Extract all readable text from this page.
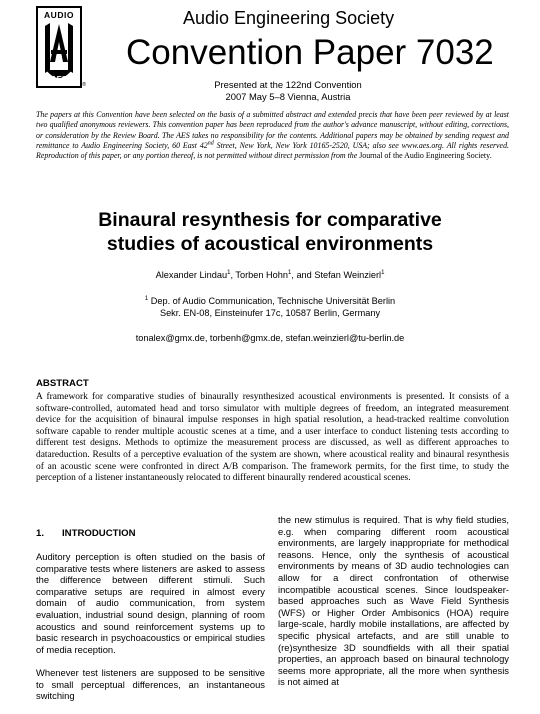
AUDIO
AES
®
Audio Engineering Society
Convention Paper 7032
Presented at the 122nd Convention
2007 May 5–8 Vienna, Austria
The papers at this Convention have been selected on the basis of a submitted abstract and extended precis that have been peer reviewed by at least two qualified anonymous reviewers. This convention paper has been reproduced from the author's advance manuscript, without editing, corrections, or consideration by the Review Board. The AES takes no responsibility for the contents. Additional papers may be obtained by sending request and remittance to Audio Engineering Society, 60 East 42nd Street, New York, New York 10165-2520, USA; also see www.aes.org. All rights reserved. Reproduction of this paper, or any portion thereof, is not permitted without direct permission from the Journal of the Audio Engineering Society.
Binaural resynthesis for comparative
studies of acoustical environments
Alexander Lindau$^1$, Torben Hohn$^1$, and Stefan Weinzierl$^1$
$^1$ Dep. of Audio Communication, Technische Universität Berlin
Sekr. EN-08, Einsteinufer 17c, 10587 Berlin, Germany
tonalex@gmx.de, torbenh@gmx.de, stefan.weinzierl@tu-berlin.de
ABSTRACT
A framework for comparative studies of binaurally resynthesized acoustical environments is presented. It consists of a software-controlled, automated head and torso simulator with multiple degrees of freedom, an integrated measurement device for the acquisition of binaural impulse responses in high spatial resolution, a head-tracked realtime convolution software capable to render multiple acoustic scenes at a time, and a user interface to conduct listening tests according to different test designs. Methods to optimize the measurement process are discussed, as well as different approaches to datareduction. Results of a perceptive evaluation of the system are shown, where acoustical reality and binaural resynthesis of an acoustic scene were confronted in direct A/B comparison. The framework permits, for the first time, to study the perception of a listener instantaneously relocated to different binaurally rendered acoustical scenes.
1. INTRODUCTION

Auditory perception is often studied on the basis of comparative tests where listeners are asked to assess the difference between different stimuli. Such comparative setups are required in almost every domain of audio communication, from system evaluation, industrial sound design, planning of room acoustics and sound reinforcement systems up to basic research in psychoacoustics or empirical studies of media reception.

Whenever test listeners are supposed to be sensitive to small perceptual differences, an instantaneous switching

the new stimulus is required. That is why field studies, e.g. when comparing different room acoustical environments, are largely inappropriate for methodical reasons. Hence, only the synthesis of acoustical environments by means of 3D audio technologies can allow for a direct confrontation of otherwise incompatible acoustical scenes. Since loudspeaker-based approaches such as Wave Field Synthesis (WFS) or Higher Order Ambisonics (HOA) require large-scale, hardly mobile installations, are affected by specific physical artefacts, and are still unable to (re)synthesize 3D soundfields with all their spatial properties, an approach based on binaural technology seems more appropriate, all the more when synthesis is not aimed at
